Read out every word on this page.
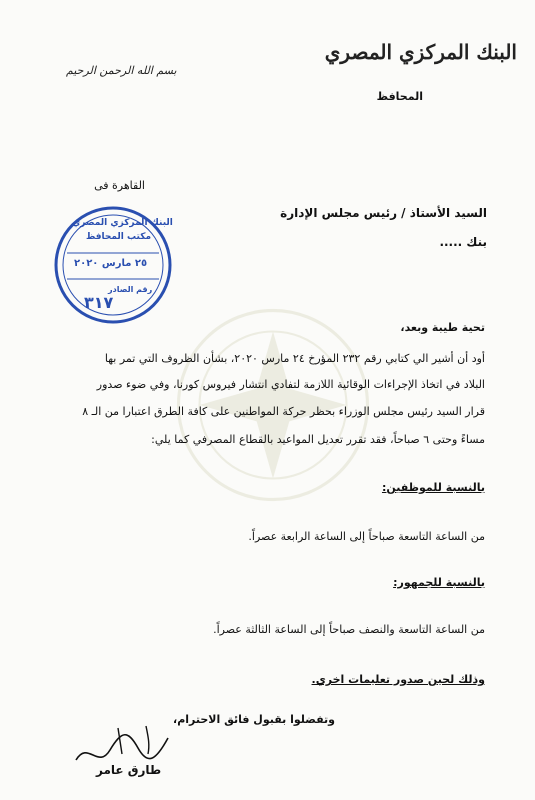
البنك المركزي المصري
المحافظ
بسم الله الرحمن الرحيم
القاهرة فى
السيد الأستاذ / رئيس مجلس الإدارة
بنك .....
البنك المركزي المصري
مكتب المحافظ
٢٥ مارس ٢٠٢٠
رقم الصادر
٣١٧
تحية طيبة وبعد،
أود أن أشير الي كتابي رقم ٢٣٢ المؤرخ ٢٤ مارس ٢٠٢٠، بشأن الظروف التي تمر بها
البلاد في اتخاذ الإجراءات الوقائية اللازمة لتفادي انتشار فيروس كورنا، وفي ضوء صدور
قرار السيد رئيس مجلس الوزراء بحظر حركة المواطنين على كافة الطرق اعتبارا من الـ ٨
مساءً وحتى ٦ صباحاً، فقد تقرر تعديل المواعيد بالقطاع المصرفي كما يلي:
بالنسبة للموظفين:
من الساعة التاسعة صباحاً إلى الساعة الرابعة عصراً.
بالنسبة للجمهور:
من الساعة التاسعة والنصف صباحاً إلى الساعة الثالثة عصراً.
وذلك لحين صدور تعليمات اخري.
وتفضلوا بقبول فائق الاحترام،
طارق عامر
